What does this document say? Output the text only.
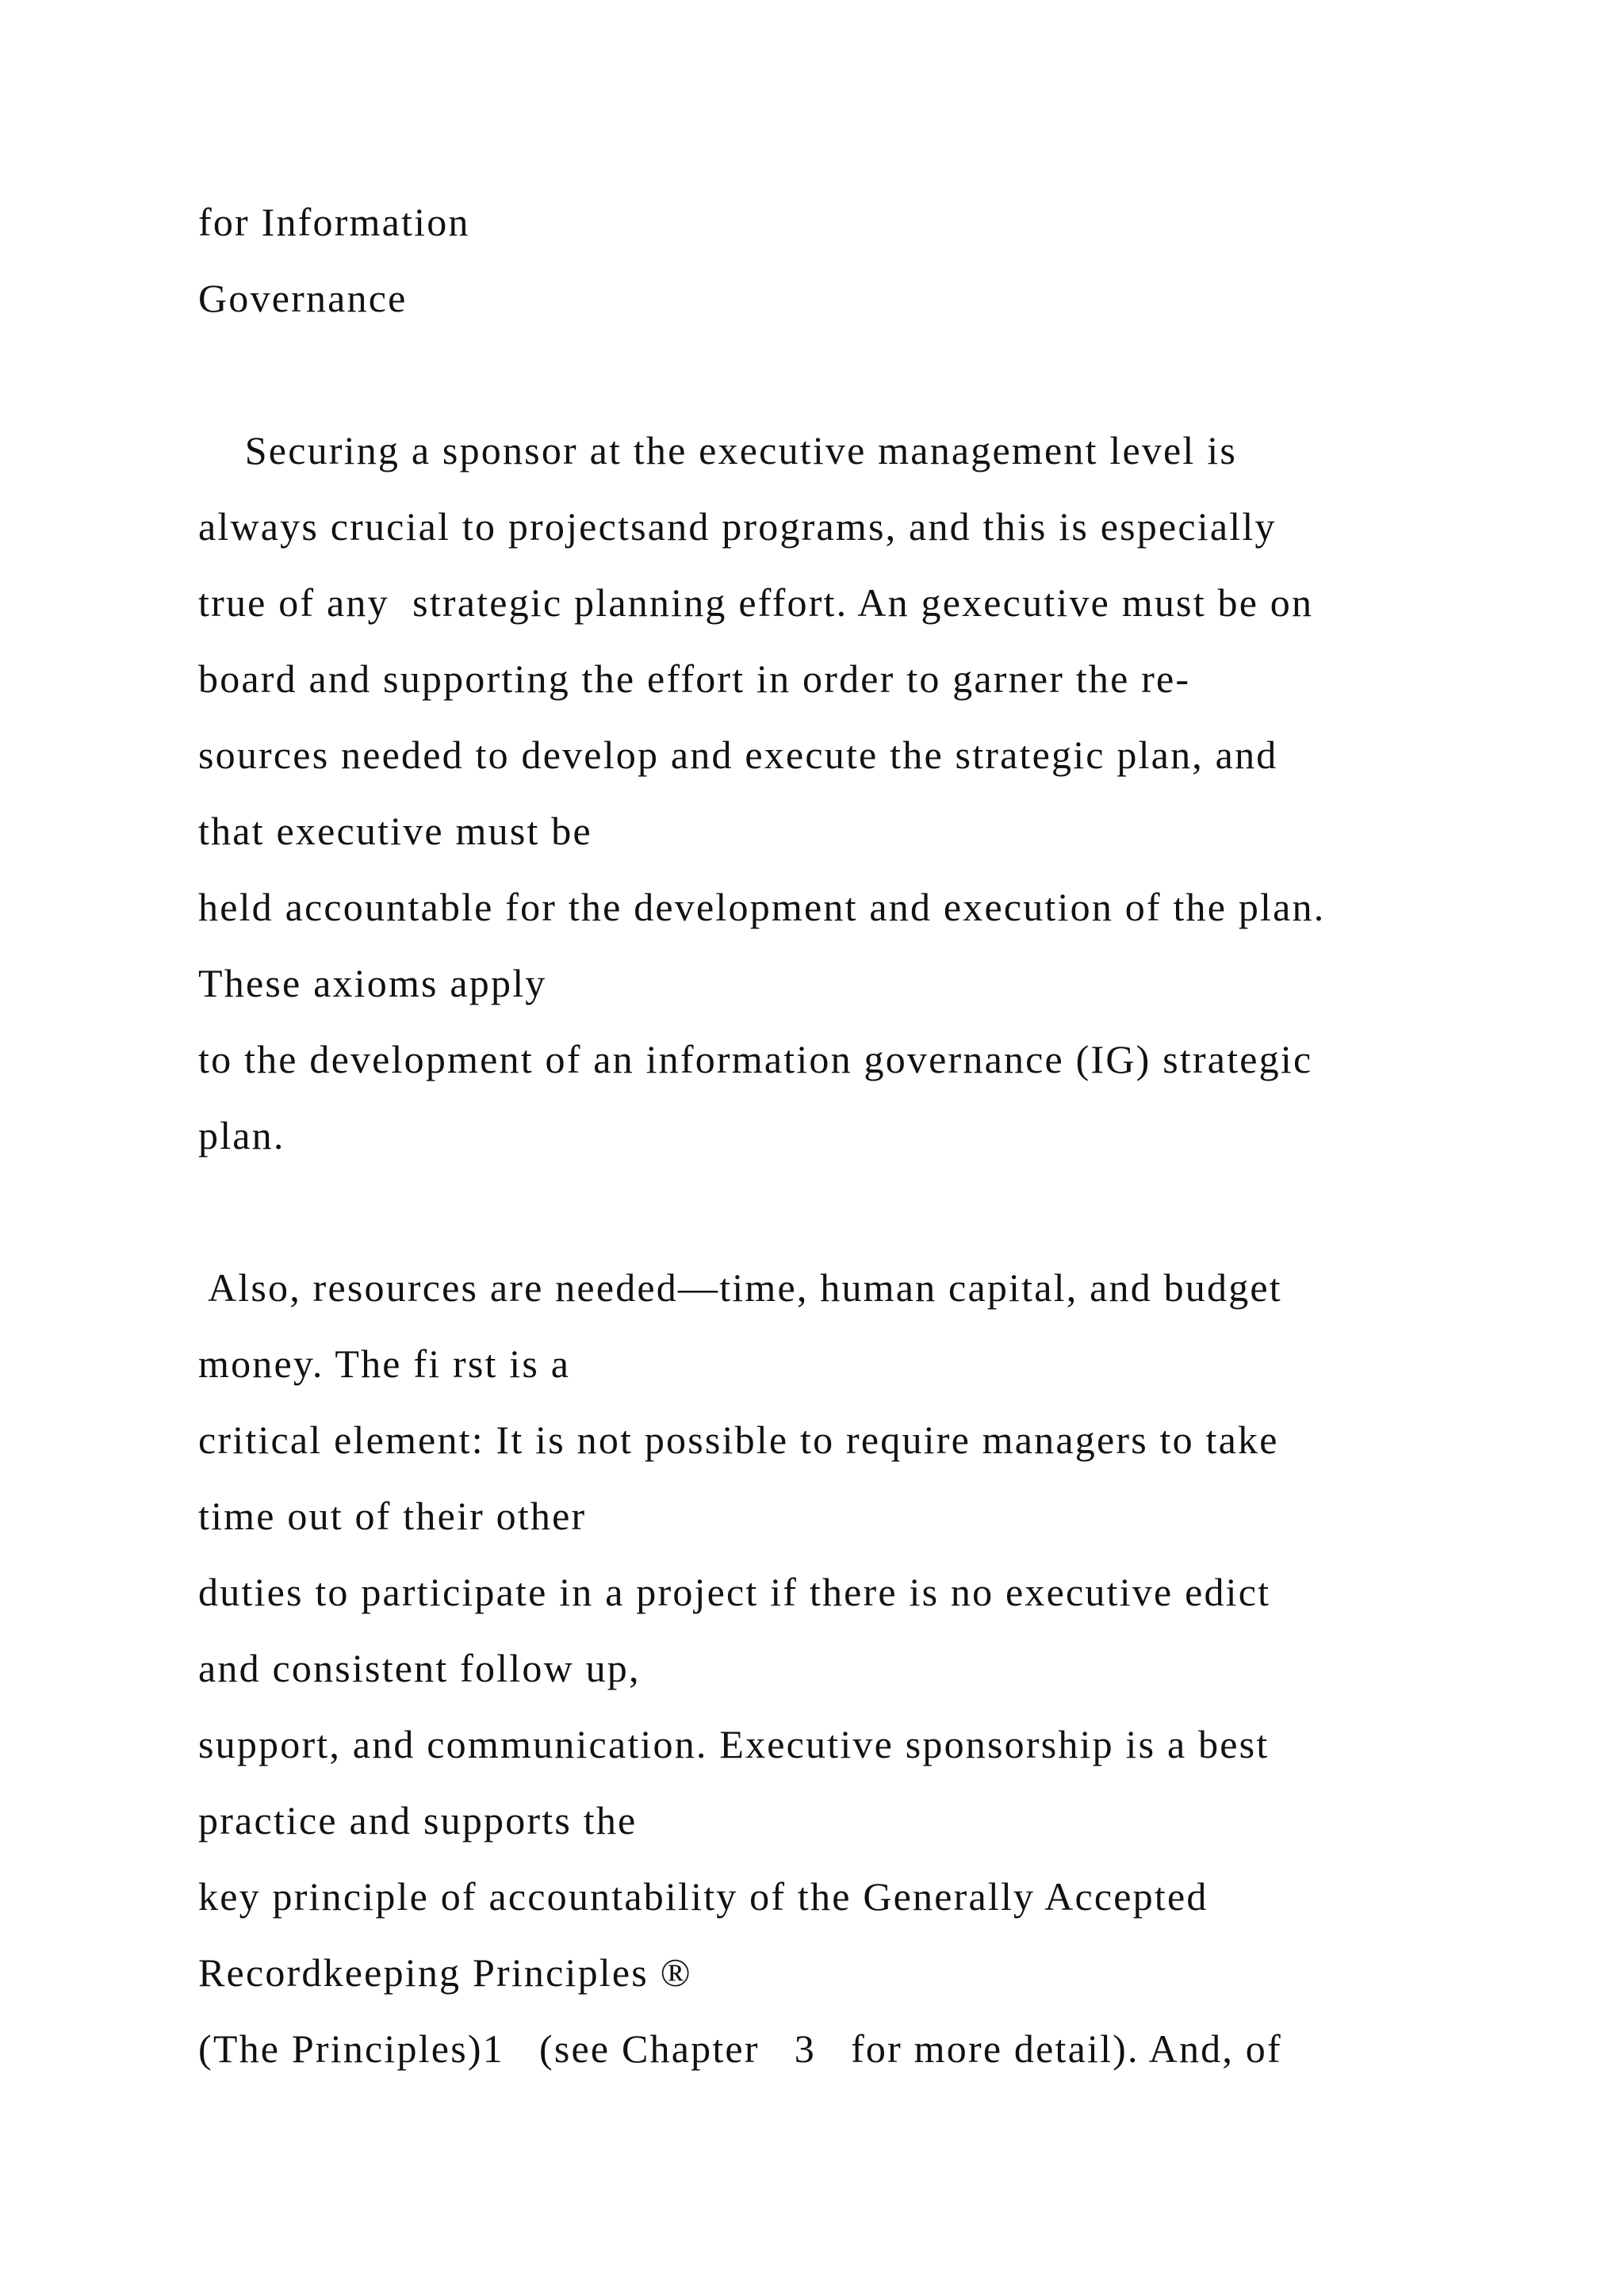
for Information
Governance
Securing a sponsor at the executive management level is
always crucial to projectsand programs, and this is especially
true of any  strategic planning effort. An gexecutive must be on
board and supporting the effort in order to garner the re-
sources needed to develop and execute the strategic plan, and
that executive must be
held accountable for the development and execution of the plan.
These axioms apply
to the development of an information governance (IG) strategic
plan.
Also, resources are needed—time, human capital, and budget
money. The fi rst is a
critical element: It is not possible to require managers to take
time out of their other
duties to participate in a project if there is no executive edict
and consistent follow up,
support, and communication. Executive sponsorship is a best
practice and supports the
key principle of accountability of the Generally Accepted
Recordkeeping Principles ®
(The Principles)1   (see Chapter   3   for more detail). And, of
